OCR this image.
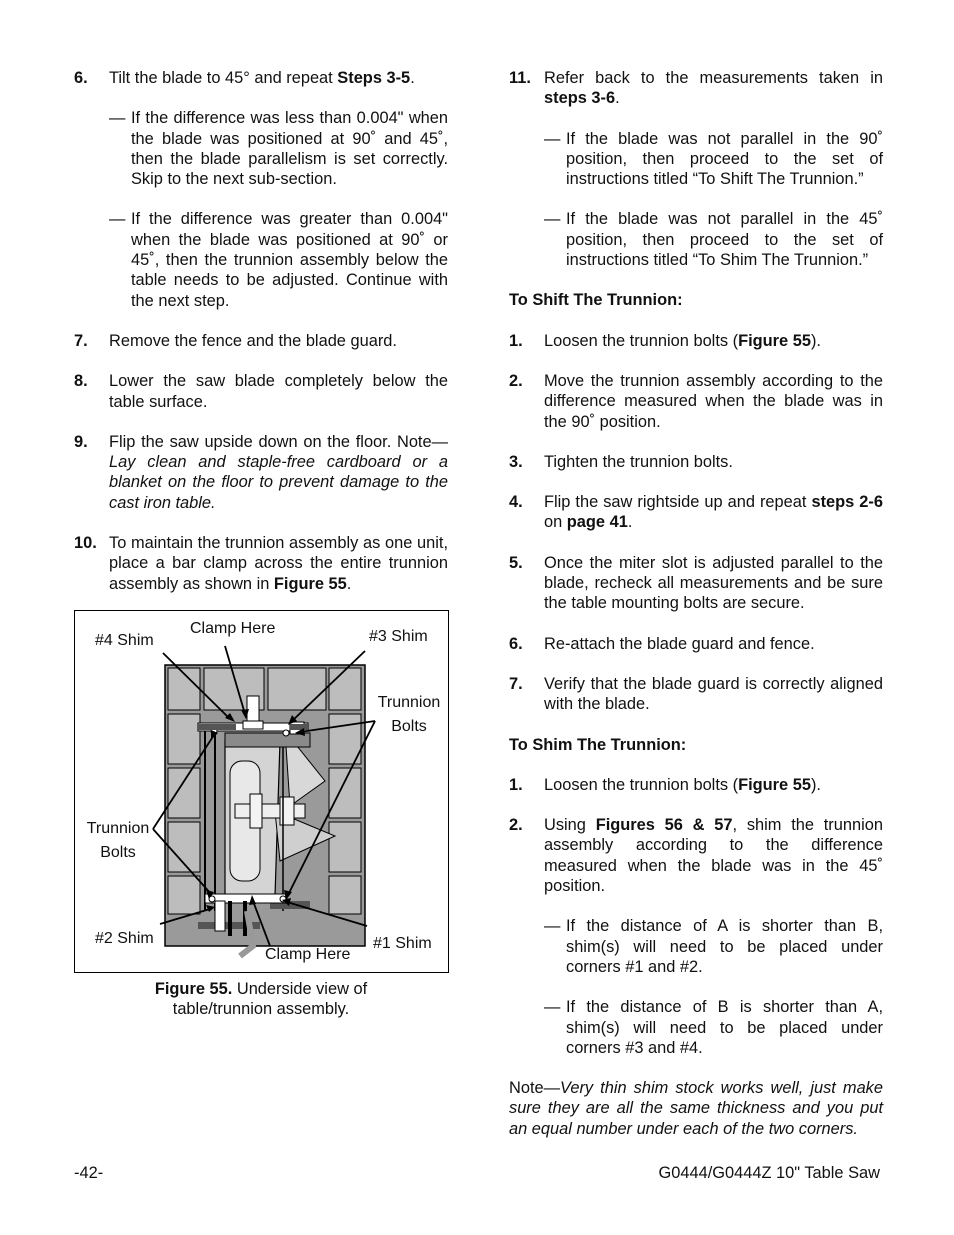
6. Tilt the blade to 45° and repeat Steps 3-5.
— If the difference was less than 0.004" when the blade was positioned at 90˚ and 45˚, then the blade parallelism is set correctly. Skip to the next sub-section.
— If the difference was greater than 0.004" when the blade was positioned at 90˚ or 45˚, then the trunnion assembly below the table needs to be adjusted. Continue with the next step.
7. Remove the fence and the blade guard.
8. Lower the saw blade completely below the table surface.
9. Flip the saw upside down on the floor. Note—Lay clean and staple-free cardboard or a blanket on the floor to prevent damage to the cast iron table.
10. To maintain the trunnion assembly as one unit, place a bar clamp across the entire trunnion assembly as shown in Figure 55.
#4 Shim
Clamp Here	#3 Shim
Trunnion
Bolts
Trunnion
Bolts
#2 Shim
Clamp Here
#1 Shim
Figure 55. Underside view of
table/trunnion assembly.
11. Refer back to the measurements taken in steps 3-6.
— If the blade was not parallel in the 90˚ position, then proceed to the set of instructions titled “To Shift The Trunnion.”
— If the blade was not parallel in the 45˚ position, then proceed to the set of instructions titled “To Shim The Trunnion.”
To Shift The Trunnion:
1. Loosen the trunnion bolts (Figure 55).
2. Move the trunnion assembly according to the difference measured when the blade was in the 90˚ position.
3. Tighten the trunnion bolts.
4. Flip the saw rightside up and repeat steps 2-6 on page 41.
5. Once the miter slot is adjusted parallel to the blade, recheck all measurements and be sure the table mounting bolts are secure.
6. Re-attach the blade guard and fence.
7. Verify that the blade guard is correctly aligned with the blade.
To Shim The Trunnion:
1. Loosen the trunnion bolts (Figure 55).
2. Using Figures 56 & 57, shim the trunnion assembly according to the difference measured when the blade was in the 45˚ position.
— If the distance of A is shorter than B, shim(s) will need to be placed under corners #1 and #2.
— If the distance of B is shorter than A, shim(s) will need to be placed under corners #3 and #4.
Note—Very thin shim stock works well, just make sure they are all the same thickness and you put an equal number under each of the two corners.
-42-	G0444/G0444Z 10" Table Saw
